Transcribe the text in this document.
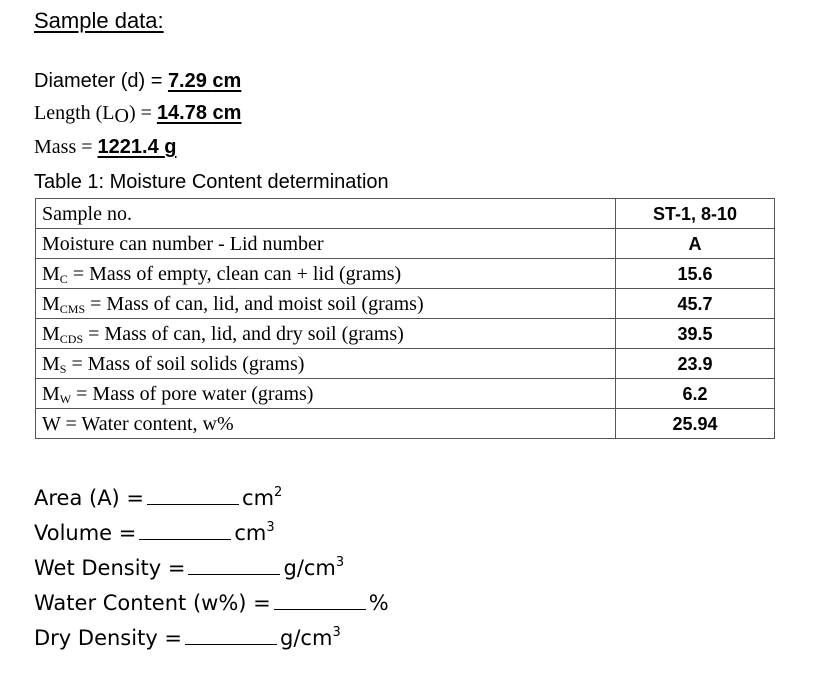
Sample data:
Diameter (d) = 7.29 cm
Length $(L_O) = 14.78$ cm
Mass = 1221.4 g
Table 1: Moisture Content determination
Sample no.	ST-1, 8-10
Moisture can number - Lid number	A
$M_C$ = Mass of empty, clean can + lid (grams)	15.6
$M_{CMS}$ = Mass of can, lid, and moist soil (grams)	45.7
$M_{CDS}$ = Mass of can, lid, and dry soil (grams)	39.5
$M_S$ = Mass of soil solids (grams)	23.9
$M_W$ = Mass of pore water (grams)	6.2
W = Water content, w%	25.94
Area (A) =	$cm^2$
Volume =	$cm^3$
Wet Density =	$g/cm^3$
Water Content (w%) =	%
Dry Density =	$g/cm^3$
